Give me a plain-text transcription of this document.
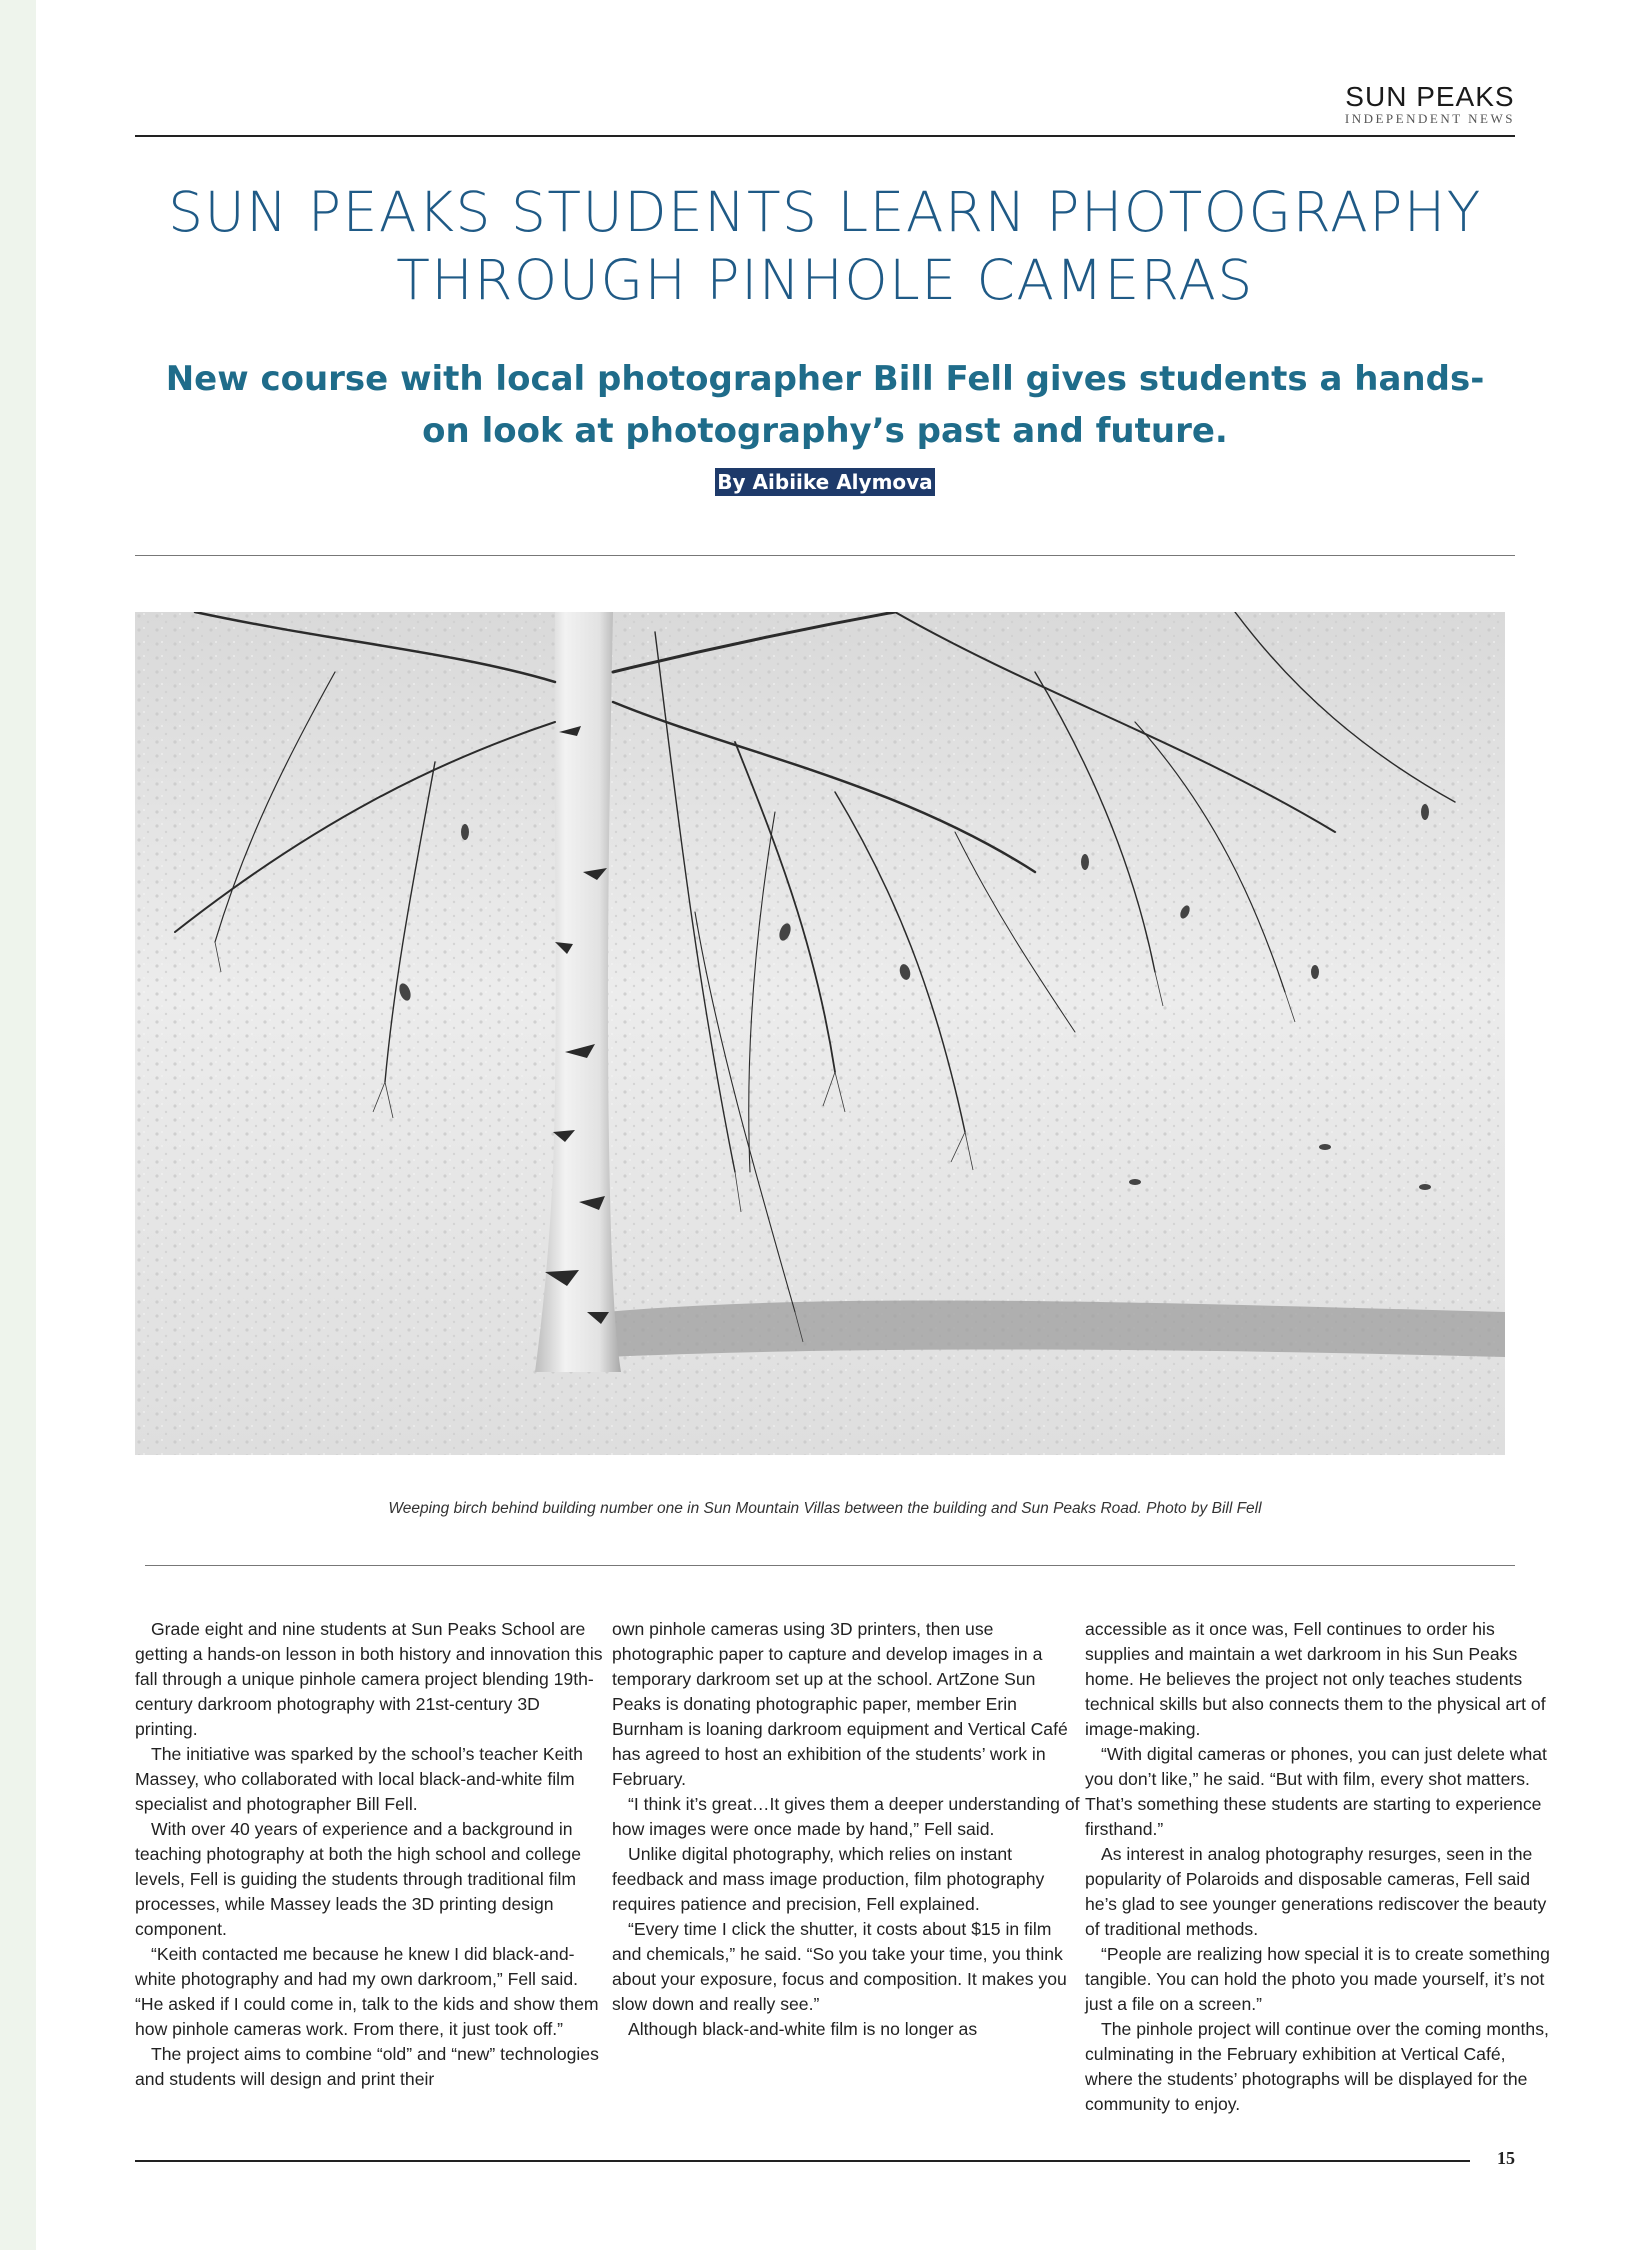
SUN PEAKS
INDEPENDENT NEWS
SUN PEAKS STUDENTS LEARN PHOTOGRAPHY
THROUGH PINHOLE CAMERAS
New course with local photographer Bill Fell gives students a hands-on look at photography’s past and future.
By Aibiike Alymova
Weeping birch behind building number one in Sun Mountain Villas between the building and Sun Peaks Road. Photo by Bill Fell

Grade eight and nine students at Sun Peaks School are getting a hands-on lesson in both history and innovation this fall through a unique pinhole camera project blending 19th-century darkroom photography with 21st-century 3D printing.

The initiative was sparked by the school’s teacher Keith Massey, who collaborated with local black-and-white film specialist and photographer Bill Fell.

With over 40 years of experience and a background in teaching photography at both the high school and college levels, Fell is guiding the students through traditional film processes, while Massey leads the 3D printing design component.

“Keith contacted me because he knew I did black-and-white photography and had my own darkroom,” Fell said. “He asked if I could come in, talk to the kids and show them how pinhole cameras work. From there, it just took off.”

The project aims to combine “old” and “new” technologies and students will design and print their

own pinhole cameras using 3D printers, then use photographic paper to capture and develop images in a temporary darkroom set up at the school. ArtZone Sun Peaks is donating photographic paper, member Erin Burnham is loaning darkroom equipment and Vertical Café has agreed to host an exhibition of the students’ work in February.

“I think it’s great…It gives them a deeper understanding of how images were once made by hand,” Fell said.

Unlike digital photography, which relies on instant feedback and mass image production, film photography requires patience and precision, Fell explained.

“Every time I click the shutter, it costs about $15 in film and chemicals,” he said. “So you take your time, you think about your exposure, focus and composition. It makes you slow down and really see.”

Although black-and-white film is no longer as

accessible as it once was, Fell continues to order his supplies and maintain a wet darkroom in his Sun Peaks home. He believes the project not only teaches students technical skills but also connects them to the physical art of image-making.

“With digital cameras or phones, you can just delete what you don’t like,” he said. “But with film, every shot matters. That’s something these students are starting to experience firsthand.”

As interest in analog photography resurges, seen in the popularity of Polaroids and disposable cameras, Fell said he’s glad to see younger generations rediscover the beauty of traditional methods.

“People are realizing how special it is to create something tangible. You can hold the photo you made yourself, it’s not just a file on a screen.”

The pinhole project will continue over the coming months, culminating in the February exhibition at Vertical Café, where the students’ photographs will be displayed for the community to enjoy.

15
